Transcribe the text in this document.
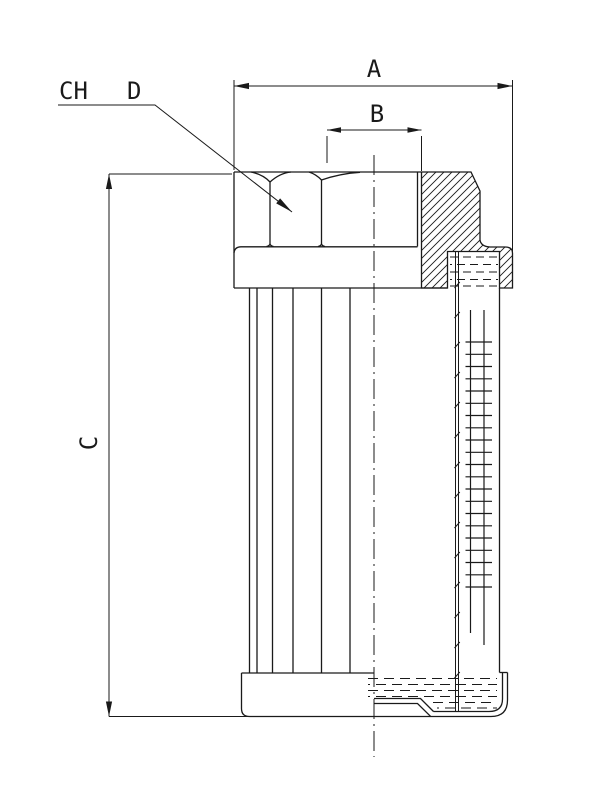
A
B
C
CH D
